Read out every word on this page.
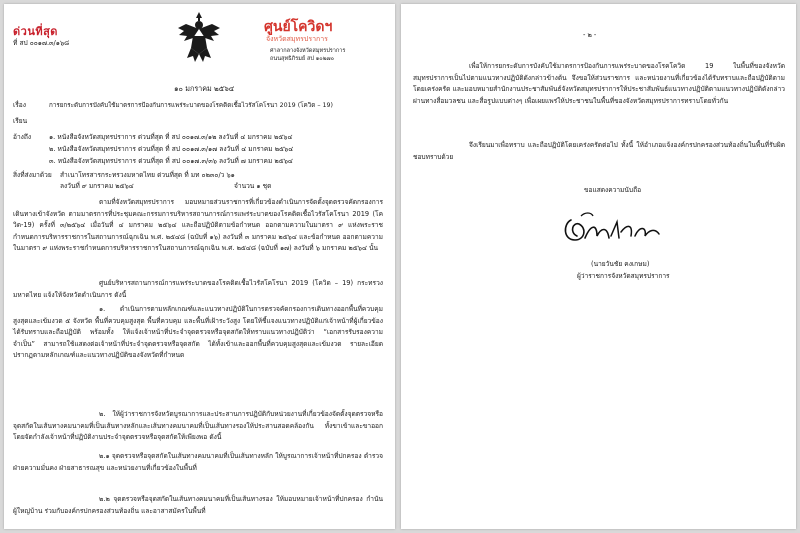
ด่วนที่สุด
ที่ สป ๐๐๑๗.๓/๑๖๘
ศูนย์โควิดฯ
จังหวัดสมุทรปราการ
ศาลากลางจังหวัดสมุทรปราการ
ถนนสุทธิภิรมย์ สป ๑๐๒๗๐
๑๐ มกราคม ๒๕๖๔
เรื่อง	การยกระดับการบังคับใช้มาตรการป้องกันการแพร่ระบาดของโรคติดเชื้อไวรัสโคโรนา 2019 (โควิด – 19)
เรียน
อ้างถึง	๑. หนังสือจังหวัดสมุทรปราการ ด่วนที่สุด ที่ สป ๐๐๑๗.๓/๑๒ ลงวันที่ ๔ มกราคม ๒๕๖๔
๒. หนังสือจังหวัดสมุทรปราการ ด่วนที่สุด ที่ สป ๐๐๑๗.๓/๑๗ ลงวันที่ ๔ มกราคม ๒๕๖๔
๓. หนังสือจังหวัดสมุทรปราการ ด่วนที่สุด ที่ สป ๐๐๑๗.๓/๓๖ ลงวันที่ ๗ มกราคม ๒๕๖๔
สิ่งที่ส่งมาด้วย สำเนาโทรสารกระทรวงมหาดไทย ด่วนที่สุด ที่ มท ๐๒๓๐/ว ๖๑
ลงวันที่ ๙ มกราคม ๒๕๖๔	จำนวน ๑ ชุด
ตามที่จังหวัดสมุทรปราการ มอบหมายส่วนราชการที่เกี่ยวข้องดำเนินการจัดตั้งจุดตรวจคัดกรองการเดินทางเข้าจังหวัด ตามมาตรการที่ประชุมคณะกรรมการบริหารสถานการณ์การแพร่ระบาดของโรคติดเชื้อไวรัสโคโรนา 2019 (โควิด-19) ครั้งที่ ๓/๒๕๖๔ เมื่อวันที่ ๔ มกราคม ๒๕๖๔ และถือปฏิบัติตามข้อกำหนด ออกตามความในมาตรา ๙ แห่งพระราชกำหนดการบริหารราชการในสถานการณ์ฉุกเฉิน พ.ศ. ๒๕๔๘ (ฉบับที่ ๑๖) ลงวันที่ ๓ มกราคม ๒๕๖๔ และข้อกำหนด ออกตามความในมาตรา ๙ แห่งพระราชกำหนดการบริหารราชการในสถานการณ์ฉุกเฉิน พ.ศ. ๒๕๔๘ (ฉบับที่ ๑๗) ลงวันที่ ๖ มกราคม ๒๕๖๔ นั้น
ศูนย์บริหารสถานการณ์การแพร่ระบาดของโรคติดเชื้อไวรัสโคโรนา 2019 (โควิด – 19) กระทรวงมหาดไทย แจ้งให้จังหวัดดำเนินการ ดังนี้
๑. ดำเนินการตามหลักเกณฑ์และแนวทางปฏิบัติในการตรวจคัดกรองการเดินทางออกพื้นที่ควบคุมสูงสุดและเข้มงวด ๕ จังหวัด พื้นที่ควบคุมสูงสุด พื้นที่ควบคุม และพื้นที่เฝ้าระวังสูง โดยให้ชี้แจงแนวทางปฏิบัติแก่เจ้าหน้าที่ผู้เกี่ยวข้องได้รับทราบและถือปฏิบัติ พร้อมทั้ง ให้แจ้งเจ้าหน้าที่ประจำจุดตรวจหรือจุดสกัดให้ทราบแนวทางปฏิบัติว่า “เอกสารรับรองความจำเป็น” สามารถใช้แสดงต่อเจ้าหน้าที่ประจำจุดตรวจหรือจุดสกัด ได้ทั้งเข้าและออกพื้นที่ควบคุมสูงสุดและเข้มงวด รายละเอียดปรากฏตามหลักเกณฑ์และแนวทางปฏิบัติของจังหวัดที่กำหนด
๒. ให้ผู้ว่าราชการจังหวัดบูรณาการและประสานการปฏิบัติกับหน่วยงานที่เกี่ยวข้องจัดตั้งจุดตรวจหรือจุดสกัดในเส้นทางคมนาคมที่เป็นเส้นทางหลักและเส้นทางคมนาคมที่เป็นเส้นทางรองให้ประสานสอดคล้องกัน ทั้งขาเข้าและขาออก โดยจัดกำลังเจ้าหน้าที่ปฏิบัติงานประจำจุดตรวจหรือจุดสกัดให้เพียงพอ ดังนี้
๒.๑ จุดตรวจหรือจุดสกัดในเส้นทางคมนาคมที่เป็นเส้นทางหลัก ให้บูรณาการเจ้าหน้าที่ปกครอง ตำรวจ ฝ่ายความมั่นคง ฝ่ายสาธารณสุข และหน่วยงานที่เกี่ยวข้องในพื้นที่
๒.๒ จุดตรวจหรือจุดสกัดในเส้นทางคมนาคมที่เป็นเส้นทางรอง ให้มอบหมายเจ้าหน้าที่ปกครอง กำนัน ผู้ใหญ่บ้าน ร่วมกับองค์กรปกครองส่วนท้องถิ่น และอาสาสมัครในพื้นที่
- ๒ -
เพื่อให้การยกระดับการบังคับใช้มาตรการป้องกันการแพร่ระบาดของโรคโควิด 19 ในพื้นที่ของจังหวัดสมุทรปราการเป็นไปตามแนวทางปฏิบัติดังกล่าวข้างต้น จึงขอให้ส่วนราชการ และหน่วยงานที่เกี่ยวข้องได้รับทราบและถือปฏิบัติตามโดยเคร่งครัด และมอบหมายสำนักงานประชาสัมพันธ์จังหวัดสมุทรปราการให้ประชาสัมพันธ์แนวทางปฏิบัติตามแนวทางปฏิบัติดังกล่าว ผ่านทางสื่อมวลชน และสื่อรูปแบบต่างๆ เพื่อเผยแพร่ให้ประชาชนในพื้นที่ของจังหวัดสมุทรปราการทราบโดยทั่วกัน
จึงเรียนมาเพื่อทราบ และถือปฏิบัติโดยเคร่งครัดต่อไป ทั้งนี้ ให้อำเภอแจ้งองค์กรปกครองส่วนท้องถิ่นในพื้นที่รับผิดชอบทราบด้วย
ขอแสดงความนับถือ
(นายวันชัย คงเกษม)
ผู้ว่าราชการจังหวัดสมุทรปราการ
